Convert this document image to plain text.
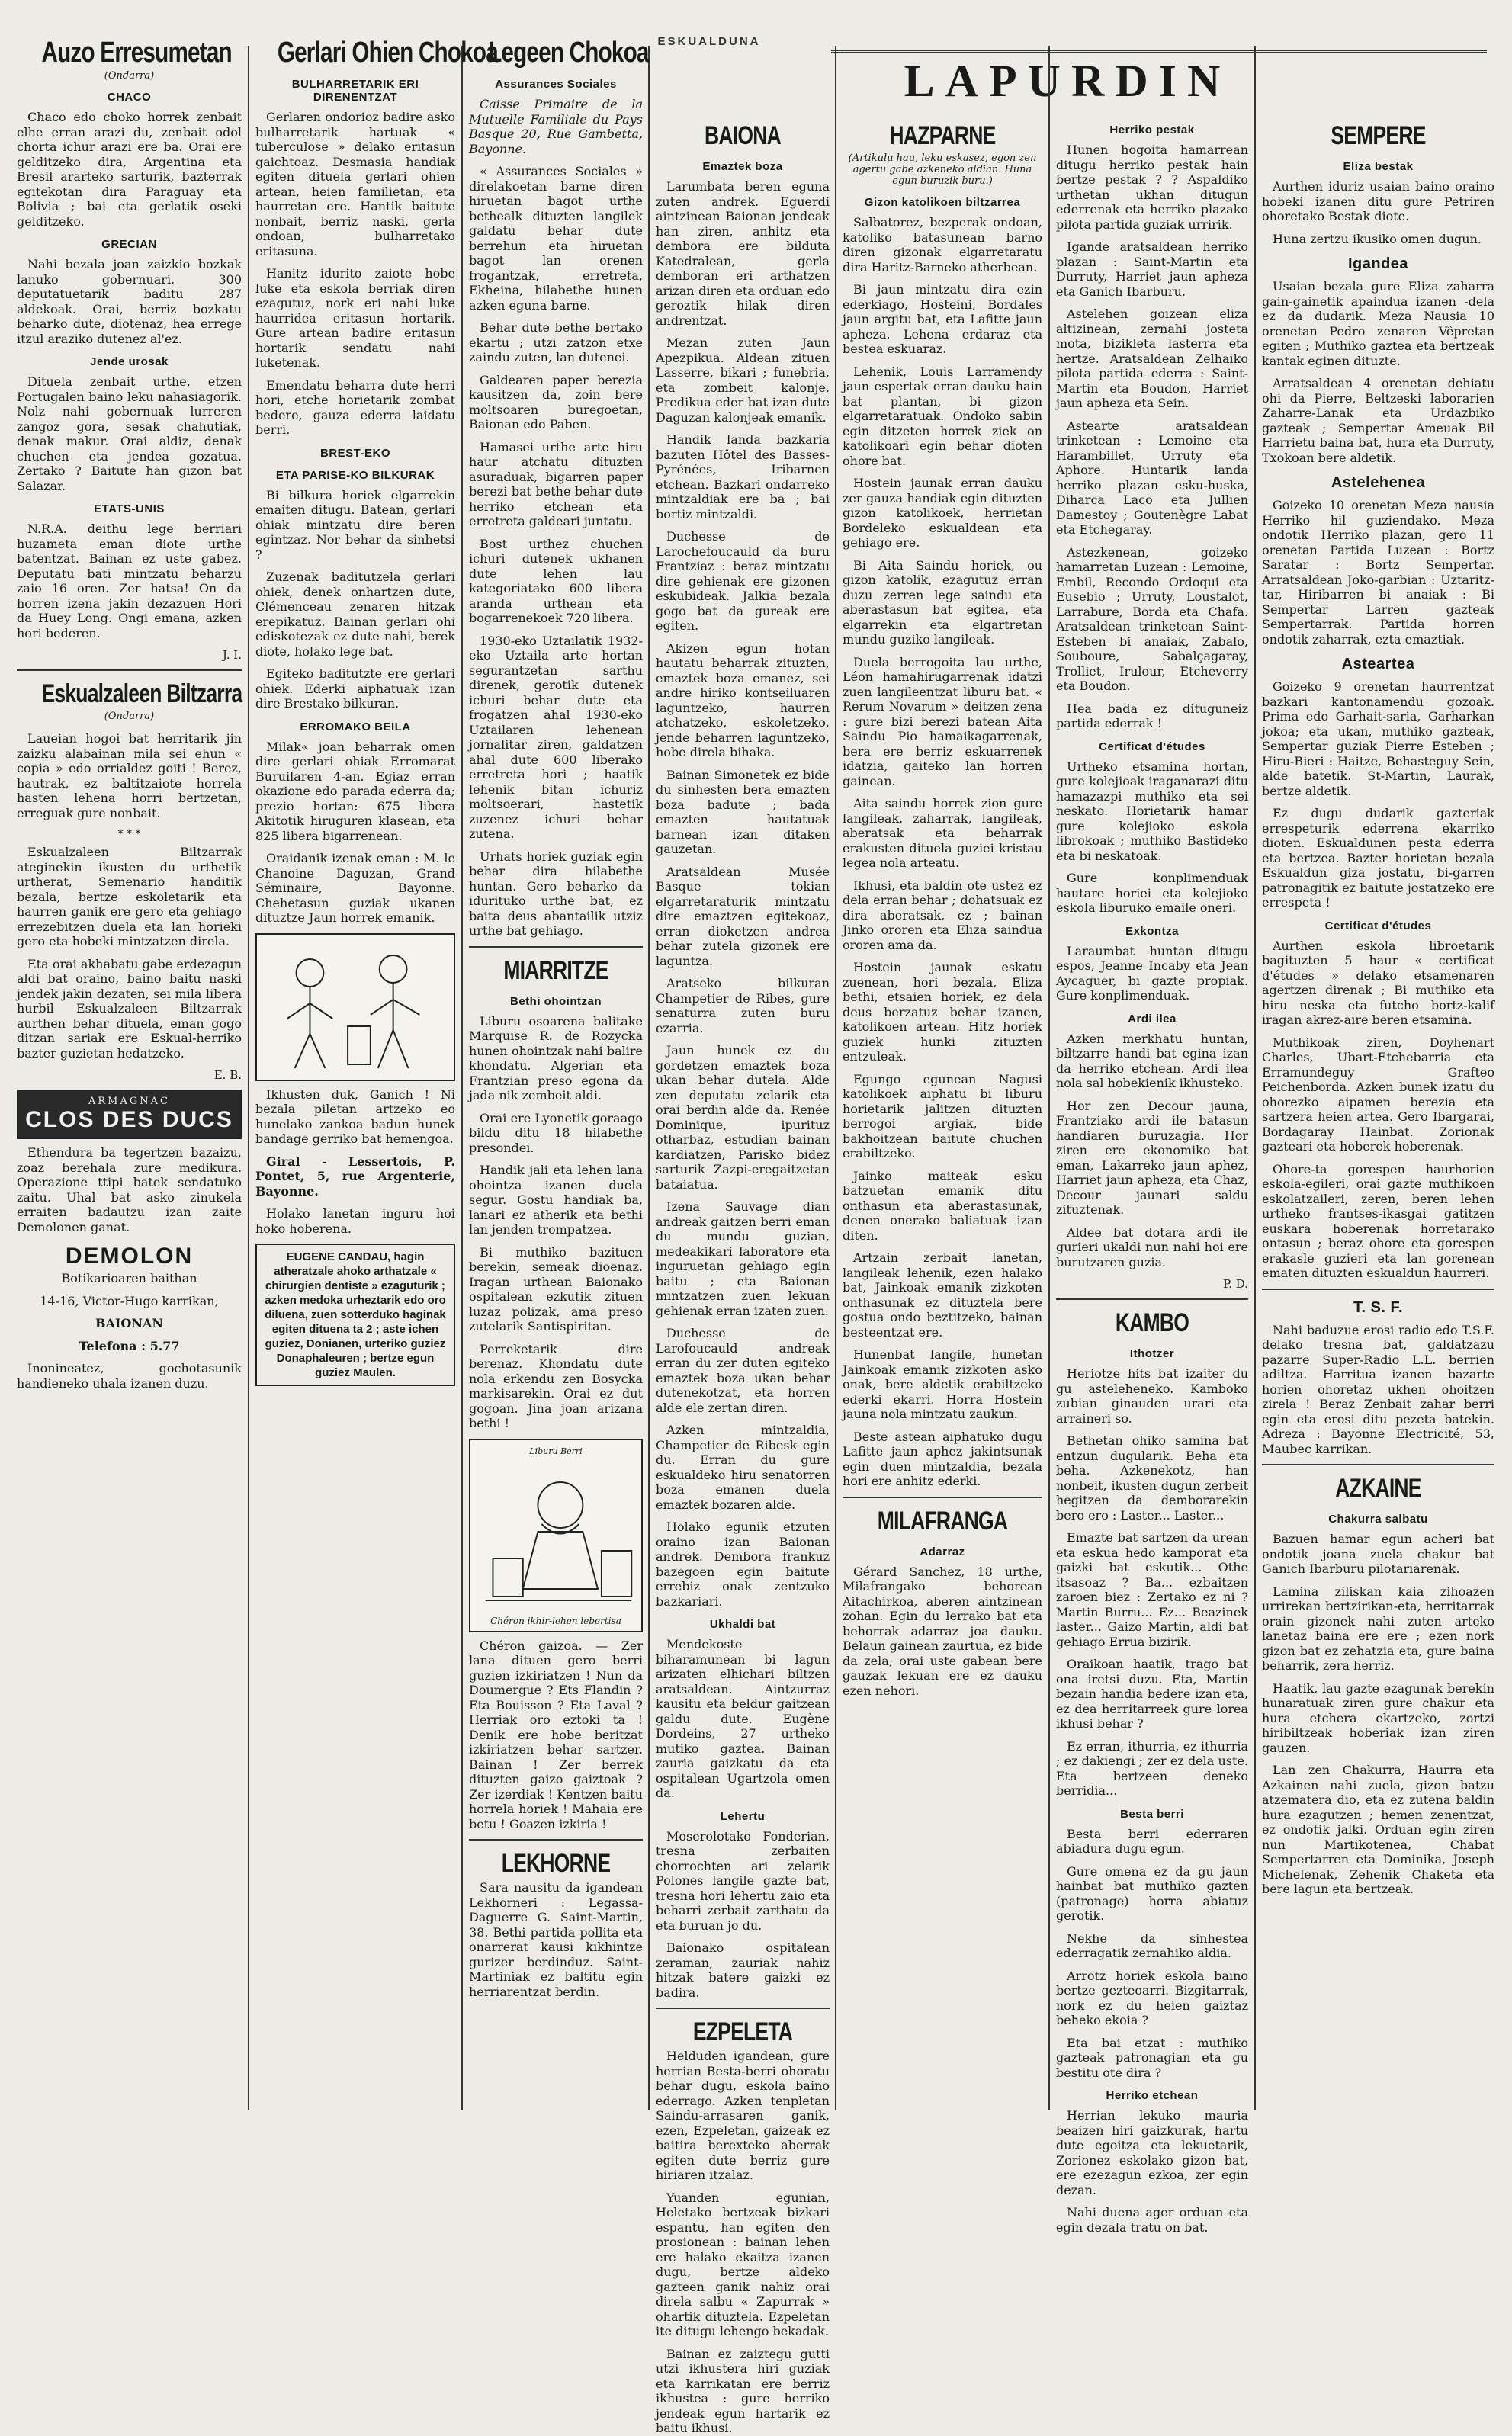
ESKUALDUNA
LAPURDIN
Auzo Erresumetan
(Ondarra)
CHACO

Chaco edo choko horrek zenbait elhe erran arazi du, zenbait odol chorta ichur arazi ere ba. Orai ere gelditzeko dira, Argentina eta Bresil ararteko sarturik, bazterrak egitekotan dira Paraguay eta Bolivia ; bai eta gerlatik oseki gelditzeko.

GRECIAN

Nahi bezala joan zaizkio bozkak lanuko gobernuari. 300 deputatuetarik baditu 287 aldekoak. Orai, berriz bozkatu beharko dute, diotenaz, hea errege itzul araziko dutenez al'ez.

Jende urosak

Dituela zenbait urthe, etzen Portugalen baino leku nahasiagorik. Nolz nahi gobernuak lurreren zangoz gora, sesak chahutiak, denak makur. Orai aldiz, denak chuchen eta jendea gozatua. Zertako ? Baitute han gizon bat Salazar.

ETATS-UNIS

N.R.A. deithu lege berriari huzameta eman diote urthe batentzat. Bainan ez uste gabez. Deputatu bati mintzatu beharzu zaio 16 oren. Zer hatsa! On da horren izena jakin dezazuen Hori da Huey Long. Ongi emana, azken hori bederen.

J. I.
Eskualzaleen Biltzarra
(Ondarra)

Laueian hogoi bat herritarik jin zaizku alabainan mila sei ehun « copia » edo orrialdez goiti ! Berez, hautrak, ez baltitzaiote horrela hasten lehena horri bertzetan, erreguak gure nonbait.

* * *

Eskualzaleen Biltzarrak ateginekin ikusten du urthetik urtherat, Semenario handitik bezala, bertze eskoletarik eta haurren ganik ere gero eta gehiago errezebitzen duela eta lan horieki gero eta hobeki mintzatzen direla.

Eta orai akhabatu gabe erdezagun aldi bat oraino, baino baitu naski jendek jakin dezaten, sei mila libera hurbil Eskualzaleen Biltzarrak aurthen behar dituela, eman gogo ditzan sariak ere Eskual-herriko bazter guzietan hedatzeko.

E. B.
ARMAGNAC
CLOS DES DUCS

Ethendura ba tegertzen bazaizu, zoaz berehala zure medikura. Operazione ttipi batek sendatuko zaitu. Uhal bat asko zinukela erraiten badautzu izan zaite Demolonen ganat.

DEMOLON

Botikarioaren baithan

14-16, Victor-Hugo karrikan,

BAIONAN

Telefona : 5.77

Inonineatez, gochotasunik handieneko uhala izanen duzu.

Gerlari Ohien Chokoa
BULHARRETARIK ERI DIRENENTZAT

Gerlaren ondorioz badire asko bulharretarik hartuak « tuberculose » delako eritasun gaichtoaz. Desmasia handiak egiten dituela gerlari ohien artean, heien familietan, eta haurretan ere. Hantik baitute nonbait, berriz naski, gerla ondoan, bulharretako eritasuna.

Hanitz idurito zaiote hobe luke eta eskola berriak diren ezagutuz, nork eri nahi luke haurridea eritasun hortarik. Gure artean badire eritasun hortarik sendatu nahi luketenak.

Emendatu beharra dute herri hori, etche horietarik zombat bedere, gauza ederra laidatu berri.

BREST-EKO
ETA PARISE-KO BILKURAK

Bi bilkura horiek elgarrekin emaiten ditugu. Batean, gerlari ohiak mintzatu dire beren egintzaz. Nor behar da sinhetsi ?

Zuzenak baditutzela gerlari ohiek, denek onhartzen dute, Clémenceau zenaren hitzak erepikatuz. Bainan gerlari ohi ediskotezak ez dute nahi, berek diote, holako lege bat.

Egiteko baditutzte ere gerlari ohiek. Ederki aiphatuak izan dire Brestako bilkuran.

ERROMAKO BEILA

Milak« joan beharrak omen dire gerlari ohiak Erromarat Buruilaren 4-an. Egiaz erran okazione edo parada ederra da; prezio hortan: 675 libera Akitotik hiruguren klasean, eta 825 libera bigarrenean.

Oraidanik izenak eman : M. le Chanoine Daguzan, Grand Séminaire, Bayonne. Chehetasun guziak ukanen dituztze Jaun horrek emanik.

Ikhusten duk, Ganich ! Ni bezala piletan artzeko eo hunelako zankoa badun hunek bandage gerriko bat hemengoa.

Giral - Lessertois, P. Pontet, 5, rue Argenterie, Bayonne.

Holako lanetan inguru hoi hoko hoberena.

EUGENE CANDAU, hagin atheratzale ahoko arthatzale « chirurgien dentiste » ezaguturik ; azken medoka urheztarik edo oro diluena, zuen sotterduko haginak egiten dituena ta 2 ; aste ichen guziez, Donianen, urteriko guziez Donaphaleuren ; bertze egun guziez Maulen.
Legeen Chokoa
Assurances Sociales

Caisse Primaire de la Mutuelle Familiale du Pays Basque 20, Rue Gambetta, Bayonne.

« Assurances Sociales » direlakoetan barne diren hiruetan bagot urthe bethealk dituzten langilek galdatu behar dute berrehun eta hiruetan bagot lan orenen frogantzak, erretreta, Ekheina, hilabethe hunen azken eguna barne.

Behar dute bethe bertako ekartu ; utzi zatzon etxe zaindu zuten, lan dutenei.

Galdearen paper berezia kausitzen da, zoin bere moltsoaren buregoetan, Baionan edo Paben.

Hamasei urthe arte hiru haur atchatu dituzten asuraduak, bigarren paper berezi bat bethe behar dute herriko etchean eta erretreta galdeari juntatu.

Bost urthez chuchen ichuri dutenek ukhanen dute lehen lau kategoriatako 600 libera aranda urthean eta bogarrenekoek 720 libera.

1930-eko Uztailatik 1932-eko Uztaila arte hortan segurantzetan sarthu direnek, gerotik dutenek ichuri behar dute eta frogatzen ahal 1930-eko Uztailaren lehenean jornalitar ziren, galdatzen ahal dute 600 liberako erretreta hori ; haatik lehenik bitan ichuriz moltsoerari, hastetik zuzenez ichuri behar zutena.

Urhats horiek guziak egin behar dira hilabethe huntan. Gero beharko da idurituko urthe bat, ez baita deus abantailik utziz urthe bat gehiago.

MIARRITZE
Bethi ohointzan

Liburu osoarena balitake Marquise R. de Rozycka hunen ohointzak nahi balire khondatu. Algerian eta Frantzian preso egona da jada nik zembeit aldi.

Orai ere Lyonetik goraago bildu ditu 18 hilabethe presondei.

Handik jali eta lehen lana ohointza izanen duela segur. Gostu handiak ba, lanari ez atherik eta bethi lan jenden trompatzea.

Bi muthiko bazituen berekin, semeak dioenaz. Iragan urthean Baionako ospitalean ezkutik zituen luzaz polizak, ama preso zutelarik Santispiritan.

Perreketarik dire berenaz. Khondatu dute nola erkendu zen Bosycka markisarekin. Orai ez dut gogoan. Jina joan arizana bethi !

Liburu Berri
Chéron ikhir-lehen lebertisa

Chéron gaizoa. — Zer lana dituen gero berri guzien izkiriatzen ! Nun da Doumergue ? Ets Flandin ? Eta Bouisson ? Eta Laval ? Herriak oro eztoki ta ! Denik ere hobe beritzat izkiriatzen behar sartzer. Bainan ! Zer berrek dituzten gaizo gaiztoak ? Zer izerdiak ! Kentzen baitu horrela horiek ! Mahaia ere betu ! Goazen izkiria !

LEKHORNE

Sara nausitu da igandean Lekhorneri : Legassa-Daguerre G. Saint-Martin, 38. Bethi partida pollita eta onarrerat kausi kikhintze gurizer berdinduz. Saint-Martiniak ez baltitu egin herriarentzat berdin.

BAIONA
Emaztek boza

Larumbata beren eguna zuten andrek. Eguerdi aintzinean Baionan jendeak han ziren, anhitz eta dembora ere bilduta Katedralean, gerla demboran eri arthatzen arizan diren eta orduan edo geroztik hilak diren andrentzat.

Mezan zuten Jaun Apezpikua. Aldean zituen Lasserre, bikari ; funebria, eta zombeit kalonje. Predikua eder bat izan dute Daguzan kalonjeak emanik.

Handik landa bazkaria bazuten Hôtel des Basses-Pyrénées, Iribarnen etchean. Bazkari ondarreko mintzaldiak ere ba ; bai bortiz mintzaldi.

Duchesse de Larochefoucauld da buru Frantziaz : beraz mintzatu dire gehienak ere gizonen eskubideak. Jalkia bezala gogo bat da gureak ere egiten.

Akizen egun hotan hautatu beharrak zituzten, emaztek boza emanez, sei andre hiriko kontseiluaren laguntzeko, haurren atchatzeko, eskoletzeko, jende beharren laguntzeko, hobe direla bihaka.

Bainan Simonetek ez bide du sinhesten bera emazten boza badute ; bada emazten hautatuak barnean izan ditaken gauzetan.

Aratsaldean Musée Basque tokian elgarretaraturik mintzatu dire emaztzen egitekoaz, erran dioketzen andrea behar zutela gizonek ere laguntza.

Aratseko bilkuran Champetier de Ribes, gure senaturra zuten buru ezarria.

Jaun hunek ez du gordetzen emaztek boza ukan behar dutela. Alde zen deputatu zelarik eta orai berdin alde da. Renée Dominique, ipurituz otharbaz, estudian bainan kardiatzen, Parisko bidez sarturik Zazpi-eregaitzetan bataiatua.

Izena Sauvage dian andreak gaitzen berri eman du mundu guzian, medeakikari laboratore eta inguruetan gehiago egin baitu ; eta Baionan mintzatzen zuen lekuan gehienak erran izaten zuen.

Duchesse de Larofoucauld andreak erran du zer duten egiteko emaztek boza ukan behar dutenekotzat, eta horren alde ele zertan diren.

Azken mintzaldia, Champetier de Ribesk egin du. Erran du gure eskualdeko hiru senatorren boza emanen duela emaztek bozaren alde.

Holako egunik etzuten oraino izan Baionan andrek. Dembora frankuz bazegoen egin baitute errebiz onak zentzuko bazkariari.

Ukhaldi bat

Mendekoste biharamunean bi lagun arizaten elhichari biltzen aratsaldean. Aintzurraz kausitu eta beldur gaitzean galdu dute. Eugène Dordeins, 27 urtheko mutiko gaztea. Bainan zauria gaizkatu da eta ospitalean Ugartzola omen da.

Lehertu

Moserolotako Fonderian, tresna zerbaiten chorrochten ari zelarik Polones langile gazte bat, tresna hori lehertu zaio eta beharri zerbait zarthatu da eta buruan jo du.

Baionako ospitalean zeraman, zauriak nahiz hitzak batere gaizki ez badira.

EZPELETA

Helduden igandean, gure herrian Besta-berri ohoratu behar dugu, eskola baino ederrago. Azken tenpletan Saindu-arrasaren ganik, ezen, Ezpeletan, gaizeak ez baitira berexteko aberrak egiten dute berriz gure hiriaren itzalaz.

Yuanden egunian, Heletako bertzeak bizkari espantu, han egiten den prosionean : bainan lehen ere halako ekaitza izanen dugu, bertze aldeko gazteen ganik nahiz orai direla salbu « Zapurrak » ohartik dituztela. Ezpeletan ite ditugu lehengo bekadak.

Bainan ez zaiztegu gutti utzi ikhustera hiri guziak eta karrikatan ere berriz ikhustea : gure herriko jendeak egun hartarik ez baitu ikhusi.

HAZPARNE
(Artikulu hau, leku eskasez, egon zen agertu gabe azkeneko aldian. Huna egun buruzik buru.)
Gizon katolikoen biltzarrea

Salbatorez, bezperak ondoan, katoliko batasunean barno diren gizonak elgarretaratu dira Haritz-Barneko atherbean.

Bi jaun mintzatu dira ezin ederkiago, Hosteini, Bordales jaun argitu bat, eta Lafitte jaun apheza. Lehena erdaraz eta bestea eskuaraz.

Lehenik, Louis Larramendy jaun espertak erran dauku hain bat plantan, bi gizon elgarretaratuak. Ondoko sabin egin ditzeten horrek ziek on katolikoari egin behar dioten ohore bat.

Hostein jaunak erran dauku zer gauza handiak egin dituzten gizon katolikoek, herrietan Bordeleko eskualdean eta gehiago ere.

Bi Aita Saindu horiek, ou gizon katolik, ezagutuz erran duzu zerren lege saindu eta aberastasun bat egitea, eta elgarrekin eta elgartretan mundu guziko langileak.

Duela berrogoita lau urthe, Léon hamahirugarrenak idatzi zuen langileentzat liburu bat. « Rerum Novarum » deitzen zena : gure bizi berezi batean Aita Saindu Pio hamaikagarrenak, bera ere berriz eskuarrenek idatzia, gaiteko lan horren gainean.

Aita saindu horrek zion gure langileak, zaharrak, langileak, aberatsak eta beharrak erakusten dituela guziei kristau legea nola arteatu.

Ikhusi, eta baldin ote ustez ez dela erran behar ; dohatsuak ez dira aberatsak, ez ; bainan Jinko ororen eta Eliza saindua ororen ama da.

Hostein jaunak eskatu zuenean, hori bezala, Eliza bethi, etsaien horiek, ez dela deus berzatuz behar izanen, katolikoen artean. Hitz horiek guziek hunki zituzten entzuleak.

Egungo egunean Nagusi katolikoek aiphatu bi liburu horietarik jalitzen dituzten berrogoi argiak, bide bakhoitzean baitute chuchen erabiltzeko.

Jainko maiteak esku batzuetan emanik ditu onthasun eta aberastasunak, denen onerako baliatuak izan diten.

Artzain zerbait lanetan, langileak lehenik, ezen halako bat, Jainkoak emanik zizkoten onthasunak ez dituztela bere gostua ondo beztitzeko, bainan besteentzat ere.

Hunenbat langile, hunetan Jainkoak emanik zizkoten asko onak, bere aldetik erabiltzeko ederki ekarri. Horra Hostein jauna nola mintzatu zaukun.

Beste astean aiphatuko dugu Lafitte jaun aphez jakintsunak egin duen mintzaldia, bezala hori ere anhitz ederki.

MILAFRANGA
Adarraz

Gérard Sanchez, 18 urthe, Milafrangako behorean Aitachirkoa, aberen aintzinean zohan. Egin du lerrako bat eta behorrak adarraz joa dauku. Belaun gainean zaurtua, ez bide da zela, orai uste gabean bere gauzak lekuan ere ez dauku ezen nehori.

Herriko pestak

Hunen hogoita hamarrean ditugu herriko pestak hain bertze pestak ? ? Aspaldiko urthetan ukhan ditugun ederrenak eta herriko plazako pilota partida guziak urririk.

Igande aratsaldean herriko plazan : Saint-Martin eta Durruty, Harriet jaun apheza eta Ganich Ibarburu.

Astelehen goizean eliza altizinean, zernahi josteta mota, bizikleta lasterra eta hertze. Aratsaldean Zelhaiko pilota partida ederra : Saint-Martin eta Boudon, Harriet jaun apheza eta Sein.

Astearte aratsaldean trinketean : Lemoine eta Harambillet, Urruty eta Aphore. Huntarik landa herriko plazan esku-huska, Diharca Laco eta Jullien Damestoy ; Goutenègre Labat eta Etchegaray.

Astezkenean, goizeko hamarretan Luzean : Lemoine, Embil, Recondo Ordoqui eta Eusebio ; Urruty, Loustalot, Larrabure, Borda eta Chafa. Aratsaldean trinketean Saint-Esteben bi anaiak, Zabalo, Souboure, Sabalçagaray, Trolliet, Irulour, Etcheverry eta Boudon.

Hea bada ez dituguneiz partida ederrak !

Certificat d'études

Urtheko etsamina hortan, gure kolejioak iraganarazi ditu hamazazpi muthiko eta sei neskato. Horietarik hamar gure kolejioko eskola librokoak ; muthiko Bastideko eta bi neskatoak.

Gure konplimenduak hautare horiei eta kolejioko eskola liburuko emaile oneri.

Exkontza

Laraumbat huntan ditugu espos, Jeanne Incaby eta Jean Aycaguer, bi gazte propiak. Gure konplimenduak.

Ardi ilea

Azken merkhatu huntan, biltzarre handi bat egina izan da herriko etchean. Ardi ilea nola sal hobekienik ikhusteko.

Hor zen Decour jauna, Frantziako ardi ile batasun handiaren buruzagia. Hor ziren ere ekonomiko bat eman, Lakarreko jaun aphez, Harriet jaun apheza, eta Chaz, Decour jaunari saldu zituztenak.

Aldee bat dotara ardi ile gurieri ukaldi nun nahi hoi ere burutzaren guzia.

P. D.
KAMBO
Ithotzer

Heriotze hits bat izaiter du gu asteleheneko. Kamboko zubian ginauden urari eta arraineri so.

Bethetan ohiko samina bat entzun dugularik. Beha eta beha. Azkenekotz, han nonbeit, ikusten dugun zerbeit hegitzen da demborarekin bero ero : Laster... Laster...

Emazte bat sartzen da urean eta eskua hedo kamporat eta gaizki bat eskutik... Othe itsasoaz ? Ba... ezbaitzen zaroen biez : Zertako ez ni ? Martin Burru... Ez... Beazinek laster... Gaizo Martin, aldi bat gehiago Errua bizirik.

Oraikoan haatik, trago bat ona iretsi duzu. Eta, Martin bezain handia bedere izan eta, ez dea herritarreek gure lorea ikhusi behar ?

Ez erran, ithurria, ez ithurria ; ez dakiengi ; zer ez dela uste. Eta bertzeen deneko berridia...

Besta berri

Besta berri ederraren abiadura dugu egun.

Gure omena ez da gu jaun hainbat bat muthiko gazten (patronage) horra abiatuz gerotik.

Nekhe da sinhestea ederragatik zernahiko aldia.

Arrotz horiek eskola baino bertze gezteoarri. Bizgitarrak, nork ez du heien gaiztaz beheko ekoia ?

Eta bai etzat : muthiko gazteak patronagian eta gu bestitu ote dira ?

Herriko etchean

Herrian lekuko mauria beaizen hiri gaizkurak, hartu dute egoitza eta lekuetarik, Zorionez eskolako gizon bat, ere ezezagun ezkoa, zer egin dezan.

Nahi duena ager orduan eta egin dezala tratu on bat.

SEMPERE
Eliza bestak

Aurthen iduriz usaian baino oraino hobeki izanen ditu gure Petriren ohoretako Bestak diote.

Huna zertzu ikusiko omen dugun.

Igandea

Usaian bezala gure Eliza zaharra gain-gainetik apaindua izanen -dela ez da dudarik. Meza Nausia 10 orenetan Pedro zenaren Vêpretan egiten ; Muthiko gaztea eta bertzeak kantak eginen dituzte.

Arratsaldean 4 orenetan dehiatu ohi da Pierre, Beltzeski laborarien Zaharre-Lanak eta Urdazbiko gazteak ; Sempertar Ameuak Bil Harrietu baina bat, hura eta Durruty, Txokoan bere aldetik.

Astelehenea

Goizeko 10 orenetan Meza nausia Herriko hil guziendako. Meza ondotik Herriko plazan, gero 11 orenetan Partida Luzean : Bortz Saratar : Bortz Sempertar. Arratsaldean Joko-garbian : Uztaritz-tar, Hiribarren bi anaiak : Bi Sempertar Larren gazteak Sempertarrak. Partida horren ondotik zaharrak, ezta emaztiak.

Asteartea

Goizeko 9 orenetan haurrentzat bazkari kantonamendu gozoak. Prima edo Garhait-saria, Garharkan jokoa; eta ukan, muthiko gazteak, Sempertar guziak Pierre Esteben ; Hiru-Bieri : Haitze, Behasteguy Sein, alde batetik. St-Martin, Laurak, bertze aldetik.

Ez dugu dudarik gazteriak errespeturik ederrena ekarriko dioten. Eskualdunen pesta ederra eta bertzea. Bazter horietan bezala Eskualdun giza jostatu, bi-garren patronagitik ez baitute jostatzeko ere errespeta !

Certificat d'études

Aurthen eskola libroetarik bagituzten 5 haur « certificat d'études » delako etsamenaren agertzen direnak ; Bi muthiko eta hiru neska eta futcho bortz-kalif iragan akrez-aire beren etsamina.

Muthikoak ziren, Doyhenart Charles, Ubart-Etchebarria eta Erramundeguy Grafteo Peichenborda. Azken bunek izatu du ohorezko aipamen berezia eta sartzera heien artea. Gero Ibargarai, Bordagaray Hainbat. Zorionak gazteari eta hoberek hoberenak.

Ohore-ta gorespen haurhorien eskola-egileri, orai gazte muthikoen eskolatzaileri, zeren, beren lehen urtheko frantses-ikasgai gatitzen euskara hoberenak horretarako ontasun ; beraz ohore eta gorespen erakasle guzieri eta lan gorenean ematen dituzten eskualdun haurreri.

T. S. F.

Nahi baduzue erosi radio edo T.S.F. delako tresna bat, galdatzazu pazarre Super-Radio L.L. berrien adiltza. Harritua izanen bazarte horien ohoretaz ukhen ohoitzen zirela ! Beraz Zenbait zahar berri egin eta erosi ditu pezeta batekin. Adreza : Bayonne Electricité, 53, Maubec karrikan.

AZKAINE
Chakurra salbatu

Bazuen hamar egun acheri bat ondotik joana zuela chakur bat Ganich Ibarburu pilotariarenak.

Lamina ziliskan kaia zihoazen urrirekan bertzirikan-eta, herritarrak orain gizonek nahi zuten arteko lanetaz baina ere ere ; ezen nork gizon bat ez zehatzia eta, gure baina beharrik, zera herriz.

Haatik, lau gazte ezagunak berekin hunaratuak ziren gure chakur eta hura etchera ekartzeko, zortzi hiribiltzeak hoberiak izan ziren gauzen.

Lan zen Chakurra, Haurra eta Azkainen nahi zuela, gizon batzu atzematera dio, eta ez zutena baldin hura ezagutzen ; hemen zenentzat, ez ondotik jalki. Orduan egin ziren nun Martikotenea, Chabat Sempertarren eta Dominika, Joseph Michelenak, Zehenik Chaketa eta bere lagun eta bertzeak.
